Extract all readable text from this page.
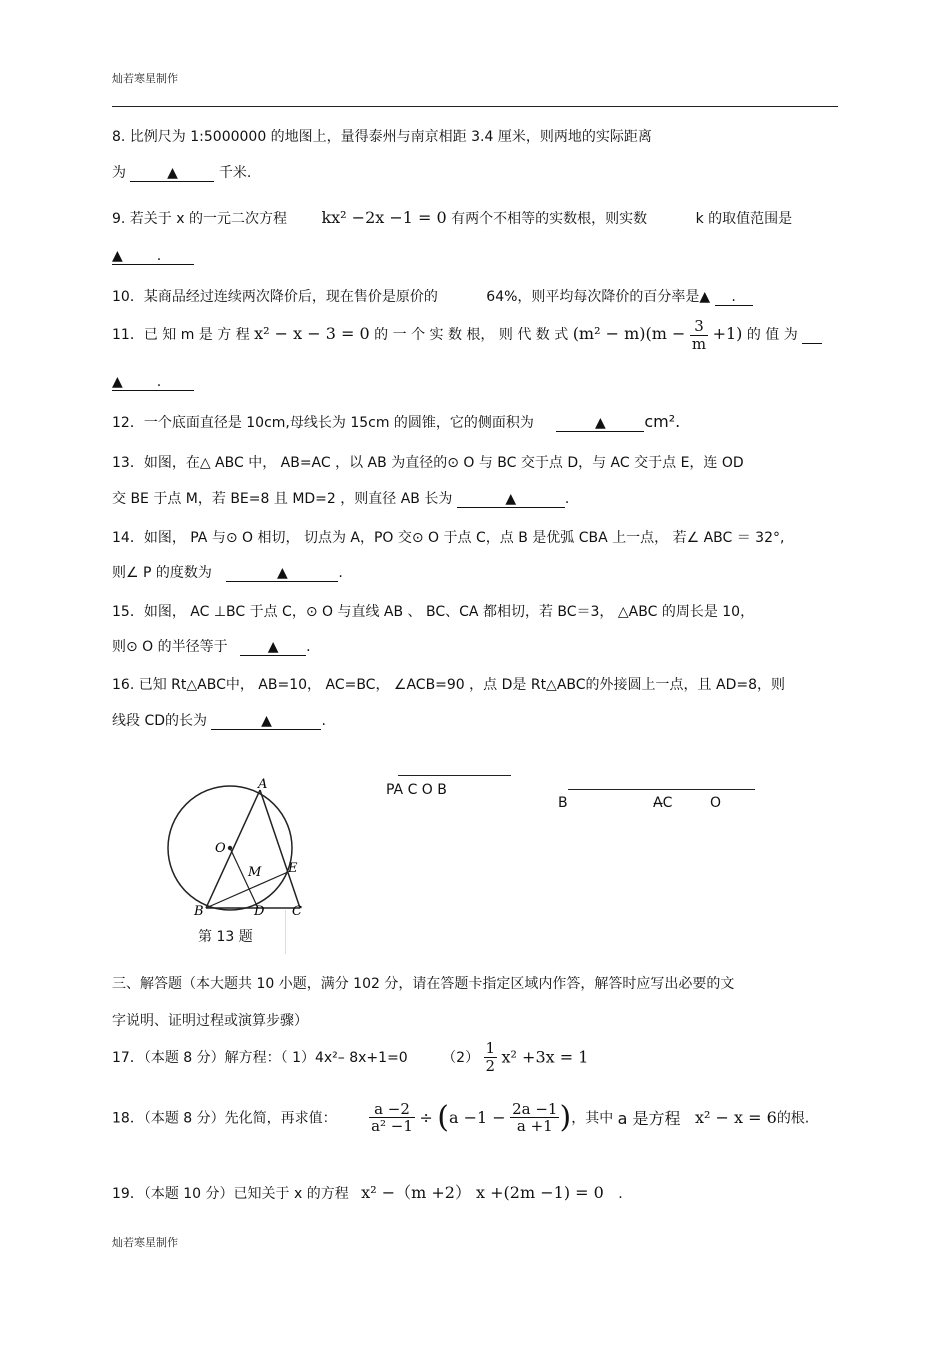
灿若寒星制作
8. 比例尺为 1:5000000 的地图上，量得泰州与南京相距 3.4 厘米，则两地的实际距离
为	▲	千米.
9. 若关于 x 的一元二次方程 kx² −2x −1 = 0 有两个不相等的实数根，则实数	k 的取值范围是
▲ .
10．某商品经过连续两次降价后，现在售价是原价的	64%，则平均每次降价的百分率是▲ .
11．已 知 m 是 方 程 x² − x − 3 = 0 的 一 个 实 数 根， 则 代 数 式 $(m^2 - m)(m - \frac{3}{m} +1)$ 的 值 为
▲ .
12．一个底面直径是 10cm,母线长为 15cm 的圆锥，它的侧面积为	▲ cm².
13．如图，在△ ABC 中， AB=AC ，以 AB 为直径的⊙ O 与 BC 交于点 D，与 AC 交于点 E，连 OD
交 BE 于点 M，若 BE=8 且 MD=2 ，则直径 AB 长为	▲	.
14．如图， PA 与⊙ O 相切， 切点为 A，PO 交⊙ O 于点 C，点 B 是优弧 CBA 上一点， 若∠ ABC ＝ 32°,
则∠ P 的度数为	▲	.
15．如图， AC ⊥BC 于点 C，⊙ O 与直线 AB 、 BC、CA 都相切，若 BC＝3， △ABC 的周长是 10，
则⊙ O 的半径等于	▲ .
16. 已知 Rt△ABC中， AB=10， AC=BC， ∠ACB=90 ，点 D是 Rt△ABC的外接圆上一点，且 AD=8，则
线段 CD的长为	▲	.
A
O
M E
B	D C
第 13 题
PA C O B
B	A̶C	O
三、解答题（本大题共 10 小题，满分 102 分，请在答题卡指定区域内作答，解答时应写出必要的文
字说明、证明过程或演算步骤）
17．（本题 8 分）解方程：（ 1）4x²– 8x+1=0 $(2) \frac{1}{2} x^2 +3x = 1$
18．（本题 8 分）先化简，再求值： $\frac{a -2}{\text{a² −1}} \div (a -1 - \frac{2a -1}{a +1}$ )，其中 a 是方程 x² − x = 6的根.
19．（本题 10 分）已知关于 x 的方程 x² −（m +2） x +(2m −1) = 0 .
灿若寒星制作
